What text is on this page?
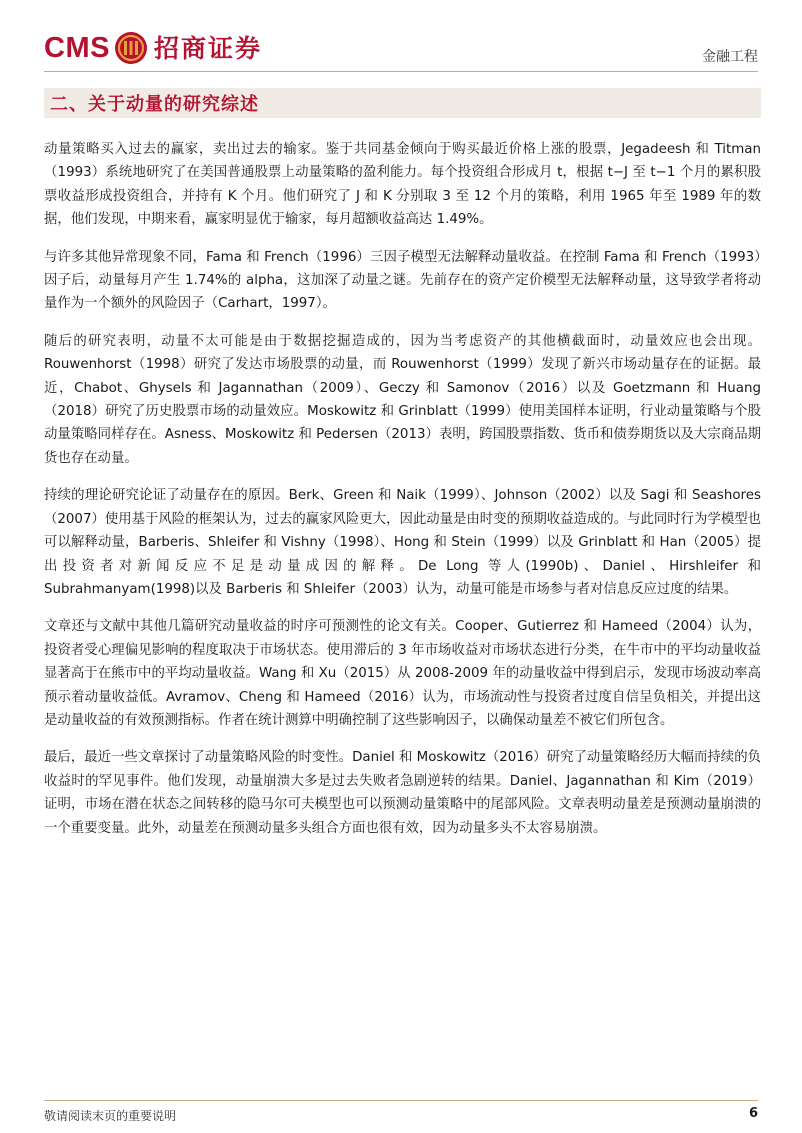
CMS 招商证券	金融工程
二、关于动量的研究综述

动量策略买入过去的赢家，卖出过去的输家。鉴于共同基金倾向于购买最近价格上涨的股票，Jegadeesh 和 Titman（1993）系统地研究了在美国普通股票上动量策略的盈利能力。每个投资组合形成月 t，根据 t−J 至 t−1 个月的累积股票收益形成投资组合，并持有 K 个月。他们研究了 J 和 K 分别取 3 至 12 个月的策略，利用 1965 年至 1989 年的数据，他们发现，中期来看，赢家明显优于输家，每月超额收益高达 1.49%。

与许多其他异常现象不同，Fama 和 French（1996）三因子模型无法解释动量收益。在控制 Fama 和 French（1993）因子后，动量每月产生 1.74%的 alpha，这加深了动量之谜。先前存在的资产定价模型无法解释动量，这导致学者将动量作为一个额外的风险因子（Carhart，1997）。

随后的研究表明，动量不太可能是由于数据挖掘造成的，因为当考虑资产的其他横截面时，动量效应也会出现。Rouwenhorst（1998）研究了发达市场股票的动量，而 Rouwenhorst（1999）发现了新兴市场动量存在的证据。最近，Chabot、Ghysels 和 Jagannathan（2009）、Geczy 和 Samonov（2016）以及 Goetzmann 和 Huang（2018）研究了历史股票市场的动量效应。Moskowitz 和 Grinblatt（1999）使用美国样本证明，行业动量策略与个股动量策略同样存在。Asness、Moskowitz 和 Pedersen（2013）表明，跨国股票指数、货币和债券期货以及大宗商品期货也存在动量。

持续的理论研究论证了动量存在的原因。Berk、Green 和 Naik（1999）、Johnson（2002）以及 Sagi 和 Seashores（2007）使用基于风险的框架认为，过去的赢家风险更大，因此动量是由时变的预期收益造成的。与此同时行为学模型也可以解释动量，Barberis、Shleifer 和 Vishny（1998）、Hong 和 Stein（1999）以及 Grinblatt 和 Han（2005）提出投资者对新闻反应不足是动量成因的解释。De Long 等人(1990b)、Daniel、Hirshleifer 和 Subrahmanyam(1998)以及 Barberis 和 Shleifer（2003）认为，动量可能是市场参与者对信息反应过度的结果。

文章还与文献中其他几篇研究动量收益的时序可预测性的论文有关。Cooper、Gutierrez 和 Hameed（2004）认为，投资者受心理偏见影响的程度取决于市场状态。使用滞后的 3 年市场收益对市场状态进行分类，在牛市中的平均动量收益显著高于在熊市中的平均动量收益。Wang 和 Xu（2015）从 2008-2009 年的动量收益中得到启示，发现市场波动率高预示着动量收益低。Avramov、Cheng 和 Hameed（2016）认为，市场流动性与投资者过度自信呈负相关，并提出这是动量收益的有效预测指标。作者在统计测算中明确控制了这些影响因子，以确保动量差不被它们所包含。

最后，最近一些文章探讨了动量策略风险的时变性。Daniel 和 Moskowitz（2016）研究了动量策略经历大幅而持续的负收益时的罕见事件。他们发现，动量崩溃大多是过去失败者急剧逆转的结果。Daniel、Jagannathan 和 Kim（2019）证明，市场在潜在状态之间转移的隐马尔可夫模型也可以预测动量策略中的尾部风险。文章表明动量差是预测动量崩溃的一个重要变量。此外，动量差在预测动量多头组合方面也很有效，因为动量多头不太容易崩溃。

敬请阅读末页的重要说明	6
